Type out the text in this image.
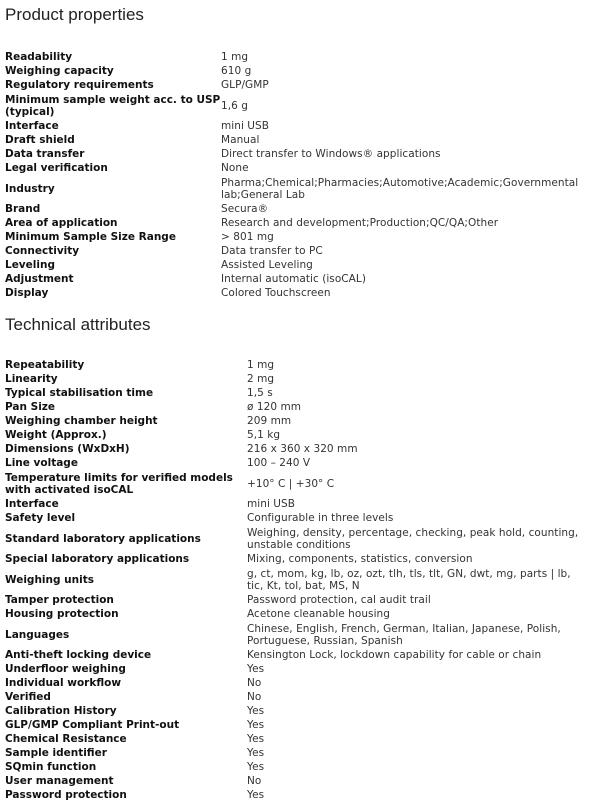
Product properties
Readability	1 mg
Weighing capacity	610 g
Regulatory requirements	GLP/GMP
Minimum sample weight acc. to USP (typical)	1,6 g
Interface	mini USB
Draft shield	Manual
Data transfer	Direct transfer to Windows® applications
Legal verification	None
Industry	Pharma;Chemical;Pharmacies;Automotive;Academic;Governmental lab;General Lab
Brand	Secura®
Area of application	Research and development;Production;QC/QA;Other
Minimum Sample Size Range	> 801 mg
Connectivity	Data transfer to PC
Leveling	Assisted Leveling
Adjustment	Internal automatic (isoCAL)
Display	Colored Touchscreen
Technical attributes
Repeatability	1 mg
Linearity	2 mg
Typical stabilisation time	1,5 s
Pan Size	ø 120 mm
Weighing chamber height	209 mm
Weight (Approx.)	5,1 kg
Dimensions (WxDxH)	216 x 360 x 320 mm
Line voltage	100 – 240 V
Temperature limits for verified models with activated isoCAL	+10° C | +30° C
Interface	mini USB
Safety level	Configurable in three levels
Standard laboratory applications	Weighing, density, percentage, checking, peak hold, counting, unstable conditions
Special laboratory applications	Mixing, components, statistics, conversion
Weighing units	g, ct, mom, kg, lb, oz, ozt, tlh, tls, tlt, GN, dwt, mg, parts | lb, tic, Kt, tol, bat, MS, N
Tamper protection	Password protection, cal audit trail
Housing protection	Acetone cleanable housing
Languages	Chinese, English, French, German, Italian, Japanese, Polish, Portuguese, Russian, Spanish
Anti-theft locking device	Kensington Lock, lockdown capability for cable or chain
Underfloor weighing	Yes
Individual workflow	No
Verified	No
Calibration History	Yes
GLP/GMP Compliant Print-out	Yes
Chemical Resistance	Yes
Sample identifier	Yes
SQmin function	Yes
User management	No
Password protection	Yes
